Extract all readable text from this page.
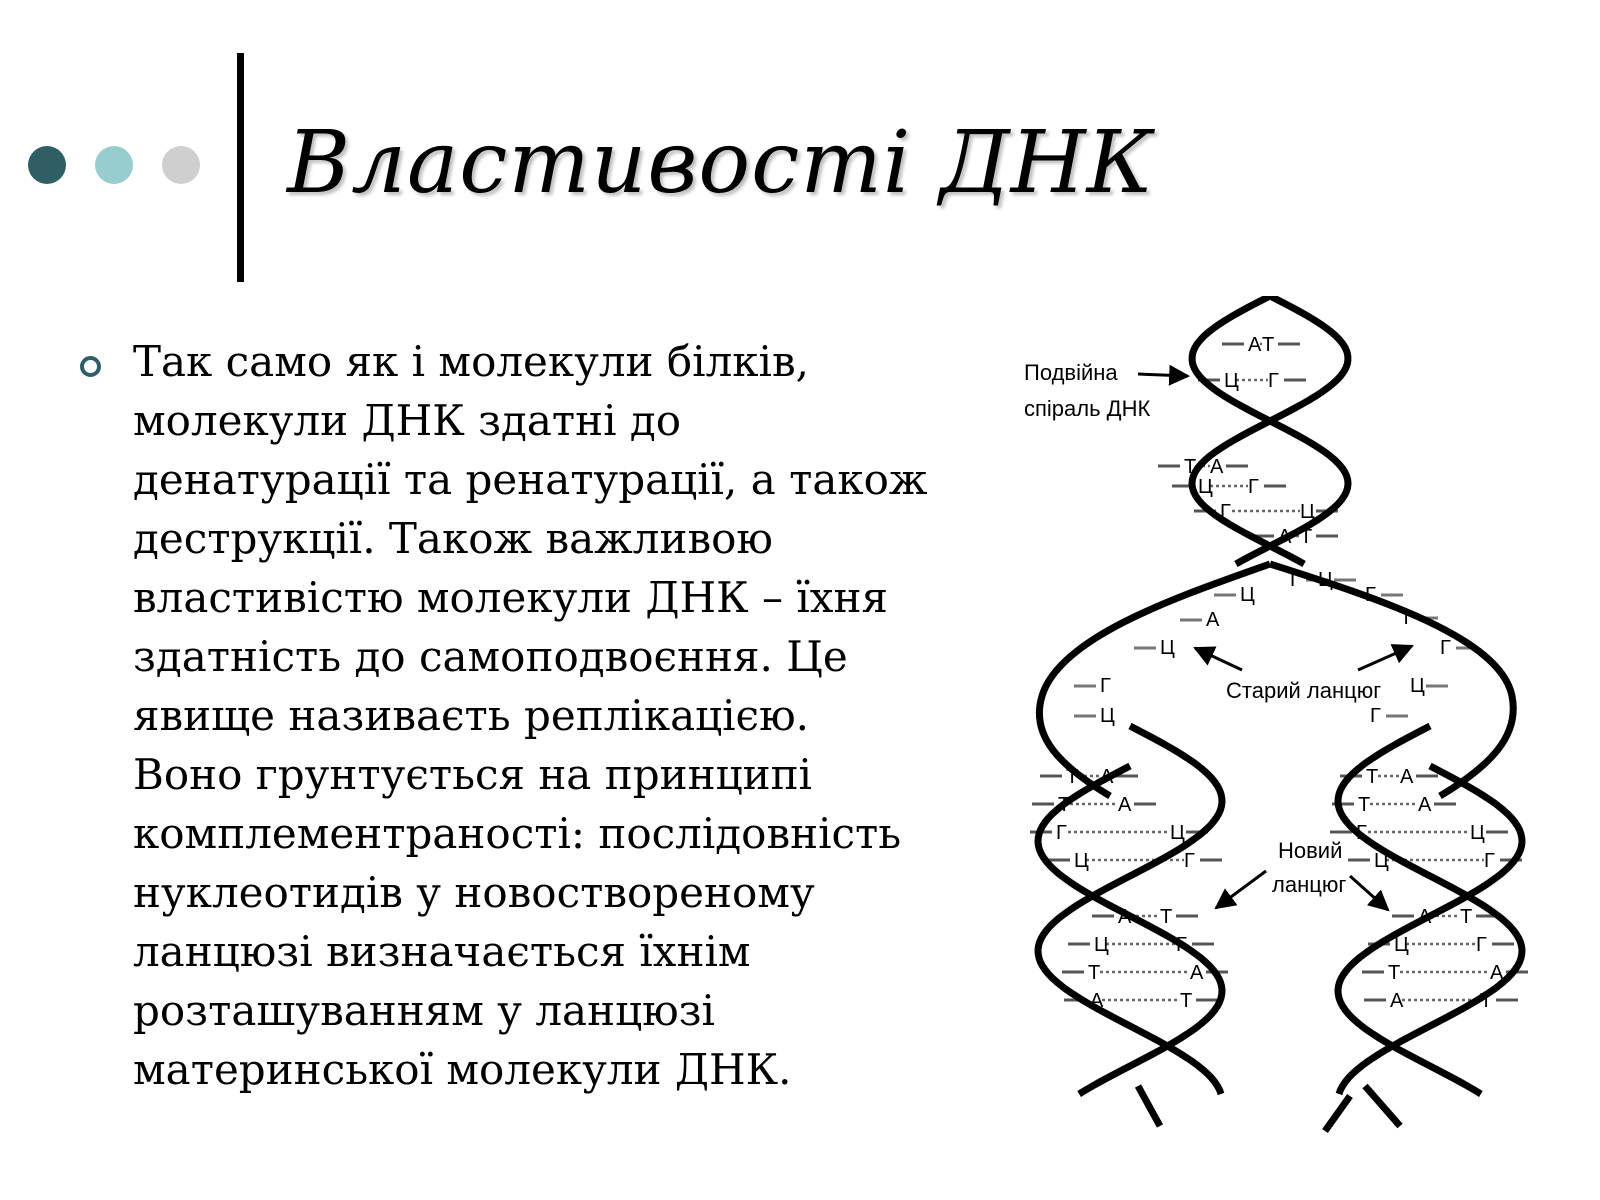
Властивості ДНК

Так само як і молекули білків,
молекули ДНК здатні до
денатурації та ренатурації, а також
деструкції. Також важливою
властивістю молекули ДНК – їхня
здатність до самоподвоєння. Це
явище називаєть реплікацією.
Воно грунтується на принципі
комплементраності: послідовність
нуклеотидів у новоствореному
ланцюзі визначається їхнім
розташуванням у ланцюзі
материнської молекули ДНК.

А Т
Ц Г
Т А
Ц Г
Г	Ц
А Т
Ц
А
Ц
Г
Ц
Г Ц
Г
Т
Г
Ц
Г
Т А
Т А
Г	Ц
Ц	Г
А Т
Ц	Г
Т	А
А	Т
Т А
Т А
Г	Ц
Ц	Г
А Т
Ц	Г
Т	А
А	Т
Подвійна
спіраль ДНК
Старий ланцюг
Новий
ланцюг
